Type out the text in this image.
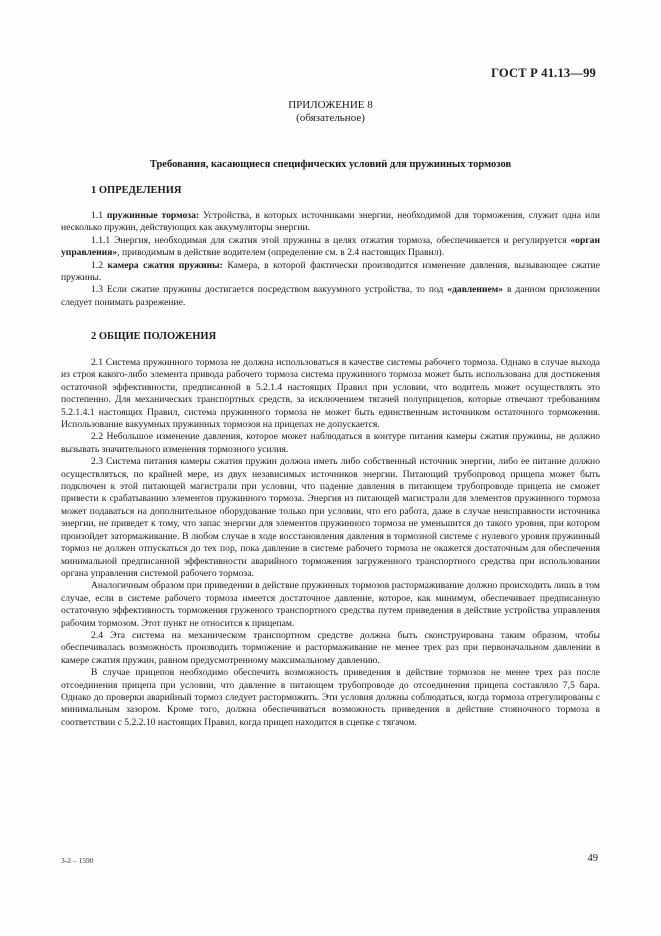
ГОСТ Р 41.13—99
ПРИЛОЖЕНИЕ 8
(обязательное)
Требования, касающиеся специфических условий для пружинных тормозов
1 ОПРЕДЕЛЕНИЯ

1.1 пружинные тормоза: Устройства, в которых источниками энергии, необходимой для торможения, служит одна или несколько пружин, действующих как аккумуляторы энергии.

1.1.1 Энергия, необходимая для сжатия этой пружины в целях отжатия тормоза, обеспечивается и регулируется «орган управления», приводимым в действие водителем (определение см. в 2.4 настоящих Правил).

1.2 камера сжатия пружины: Камера, в которой фактически производится изменение давления, вызывающее сжатие пружины.

1.3 Если сжатие пружины достигается посредством вакуумного устройства, то под «давлением» в данном приложении следует понимать разрежение.

2 ОБЩИЕ ПОЛОЖЕНИЯ

2.1 Система пружинного тормоза не должна использоваться в качестве системы рабочего тормоза. Однако в случае выхода из строя какого-либо элемента привода рабочего тормоза система пружинного тормоза может быть использована для достижения остаточной эффективности, предписанной в 5.2.1.4 настоящих Правил при условии, что водитель может осуществлять это постепенно. Для механических транспортных средств, за исключением тягачей полуприцепов, которые отвечают требованиям 5.2.1.4.1 настоящих Правил, система пружинного тормоза не может быть единственным источником остаточного торможения. Использование вакуумных пружинных тормозов на прицепах не допускается.

2.2 Небольшое изменение давления, которое может наблюдаться в контуре питания камеры сжатия пружины, не должно вызывать значительного изменения тормозного усилия.

2.3 Система питания камеры сжатия пружин должна иметь либо собственный источник энергии, либо ее питание должно осуществляться, по крайней мере, из двух независимых источников энергии. Питающий трубопровод прицепа может быть подключен к этой питающей магистрали при условии, что падение давления в питающем трубопроводе прицепа не сможет привести к срабатыванию элементов пружинного тормоза. Энергия из питающей магистрали для элементов пружинного тормоза может подаваться на дополнительное оборудование только при условии, что его работа, даже в случае неисправности источника энергии, не приведет к тому, что запас энергии для элементов пружинного тормоза не уменьшится до такого уровня, при котором произойдет затормаживание. В любом случае в ходе восстановления давления в тормозной системе с нулевого уровня пружинный тормоз не должен отпускаться до тех пор, пока давление в системе рабочего тормоза не окажется достаточным для обеспечения минимальной предписанной эффективности аварийного торможения загруженного транспортного средства при использовании органа управления системой рабочего тормоза.

Аналогичным образом при приведении в действие пружинных тормозов растормаживание должно происходить лишь в том случае, если в системе рабочего тормоза имеется достаточное давление, которое, как минимум, обеспечивает предписанную остаточную эффективность торможения груженого транспортного средства путем приведения в действие устройства управления рабочим тормозом. Этот пункт не относится к прицепам.

2.4 Эта система на механическом транспортном средстве должна быть сконструирована таким образом, чтобы обеспечивалась возможность производить торможение и растормаживание не менее трех раз при первоначальном давлении в камере сжатия пружин, равном предусмотренному максимальному давлению.

В случае прицепов необходимо обеспечить возможность приведения в действие тормозов не менее трех раз после отсоединения прицепа при условии, что давление в питающем трубопроводе до отсоединения прицепа составляло 7,5 бара. Однако до проверки аварийный тормоз следует расторможить. Эти условия должны соблюдаться, когда тормоза отрегулированы с минимальным зазором. Кроме того, должна обеспечиваться возможность приведения в действие стояночного тормоза в соответствии с 5.2.2.10 настоящих Правил, когда прицеп находится в сцепке с тягачом.

3-2 – 1590	49
